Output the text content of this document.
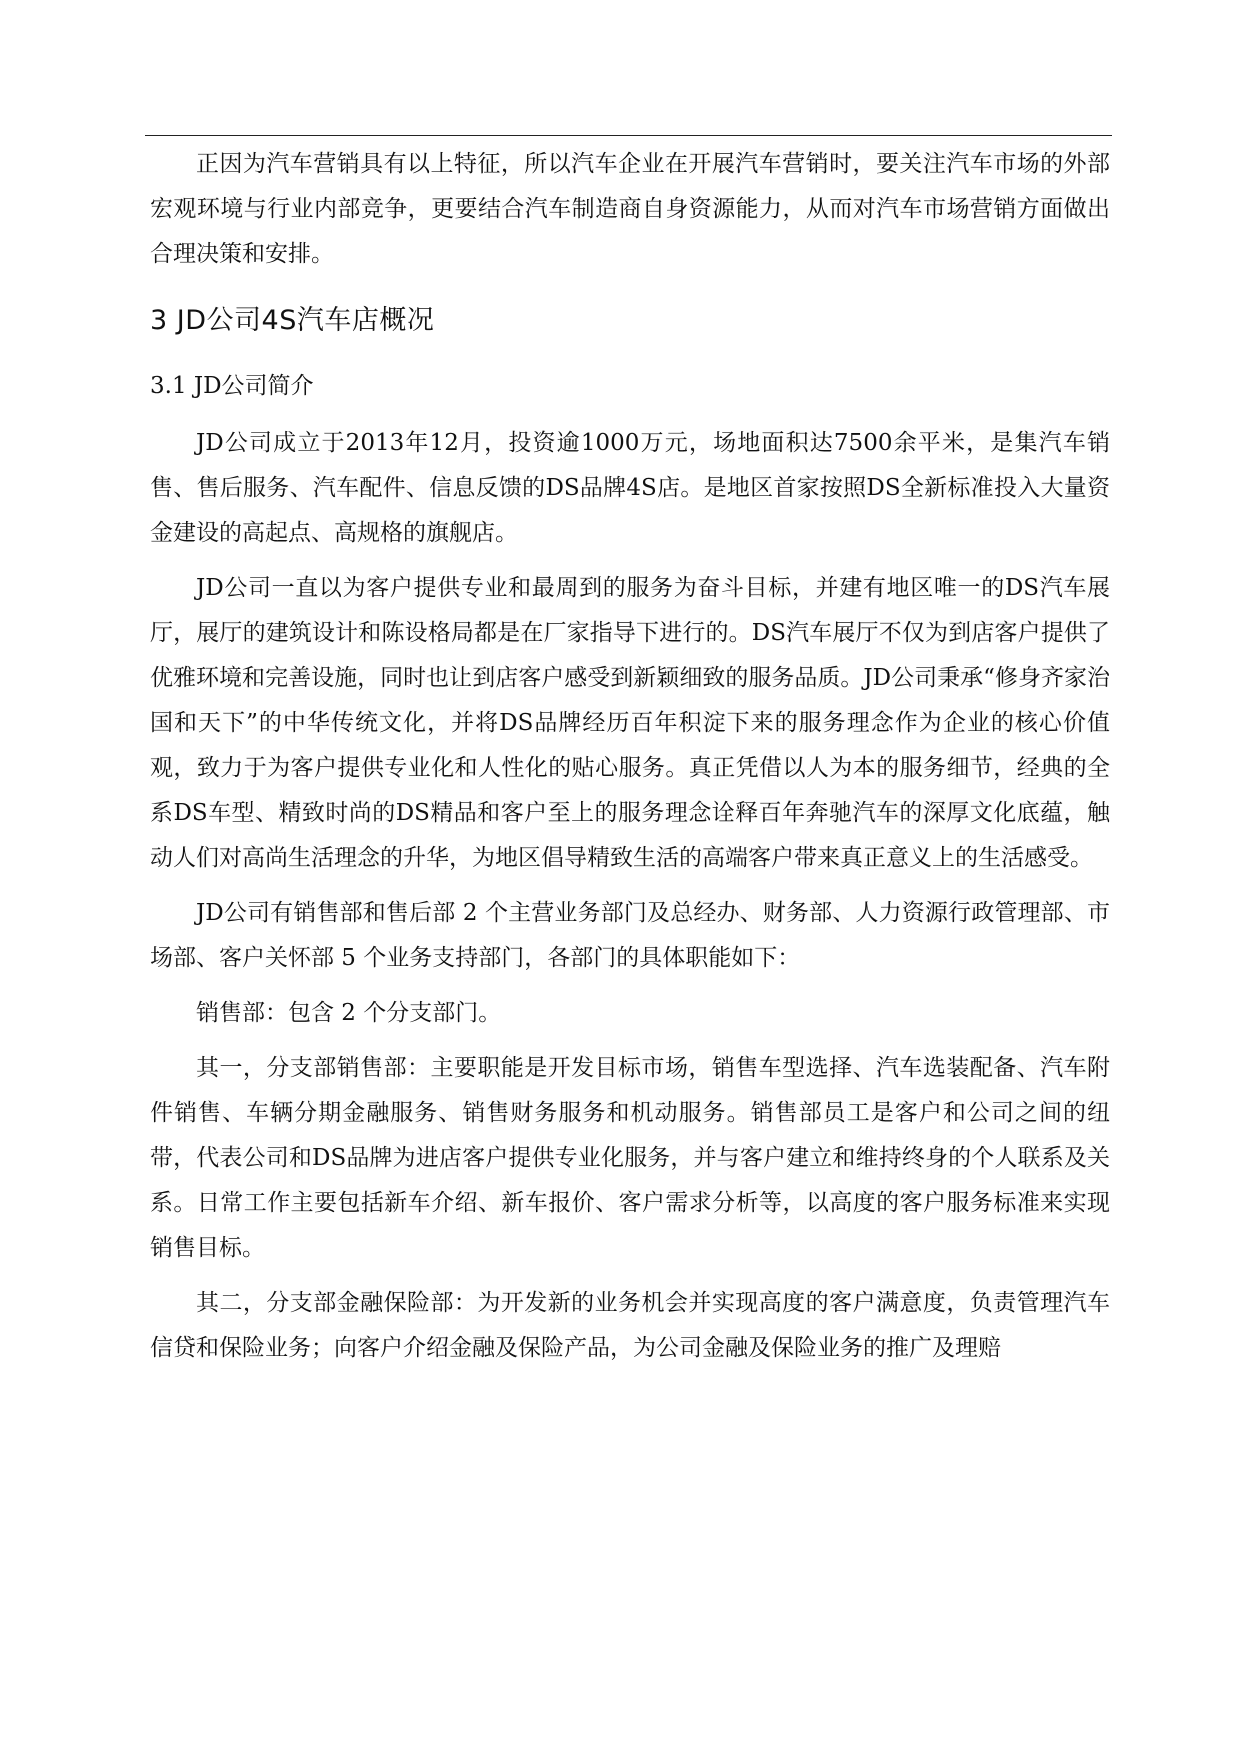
正因为汽车营销具有以上特征，所以汽车企业在开展汽车营销时，要关注汽车市场的外部宏观环境与行业内部竞争，更要结合汽车制造商自身资源能力，从而对汽车市场营销方面做出合理决策和安排。

3 JD公司4S汽车店概况
3.1 JD公司简介

JD公司成立于2013年12月，投资逾1000万元，场地面积达7500余平米，是集汽车销售、售后服务、汽车配件、信息反馈的DS品牌4S店。是地区首家按照DS全新标准投入大量资金建设的高起点、高规格的旗舰店。

JD公司一直以为客户提供专业和最周到的服务为奋斗目标，并建有地区唯一的DS汽车展厅，展厅的建筑设计和陈设格局都是在厂家指导下进行的。DS汽车展厅不仅为到店客户提供了优雅环境和完善设施，同时也让到店客户感受到新颖细致的服务品质。JD公司秉承“修身齐家治国和天下”的中华传统文化，并将DS品牌经历百年积淀下来的服务理念作为企业的核心价值观，致力于为客户提供专业化和人性化的贴心服务。真正凭借以人为本的服务细节，经典的全系DS车型、精致时尚的DS精品和客户至上的服务理念诠释百年奔驰汽车的深厚文化底蕴，触动人们对高尚生活理念的升华，为地区倡导精致生活的高端客户带来真正意义上的生活感受。

JD公司有销售部和售后部 2 个主营业务部门及总经办、财务部、人力资源行政管理部、市场部、客户关怀部 5 个业务支持部门，各部门的具体职能如下：

销售部：包含 2 个分支部门。

其一，分支部销售部：主要职能是开发目标市场，销售车型选择、汽车选装配备、汽车附件销售、车辆分期金融服务、销售财务服务和机动服务。销售部员工是客户和公司之间的纽带，代表公司和DS品牌为进店客户提供专业化服务，并与客户建立和维持终身的个人联系及关系。日常工作主要包括新车介绍、新车报价、客户需求分析等，以高度的客户服务标准来实现销售目标。

其二，分支部金融保险部：为开发新的业务机会并实现高度的客户满意度，负责管理汽车信贷和保险业务；向客户介绍金融及保险产品，为公司金融及保险业务的推广及理赔
